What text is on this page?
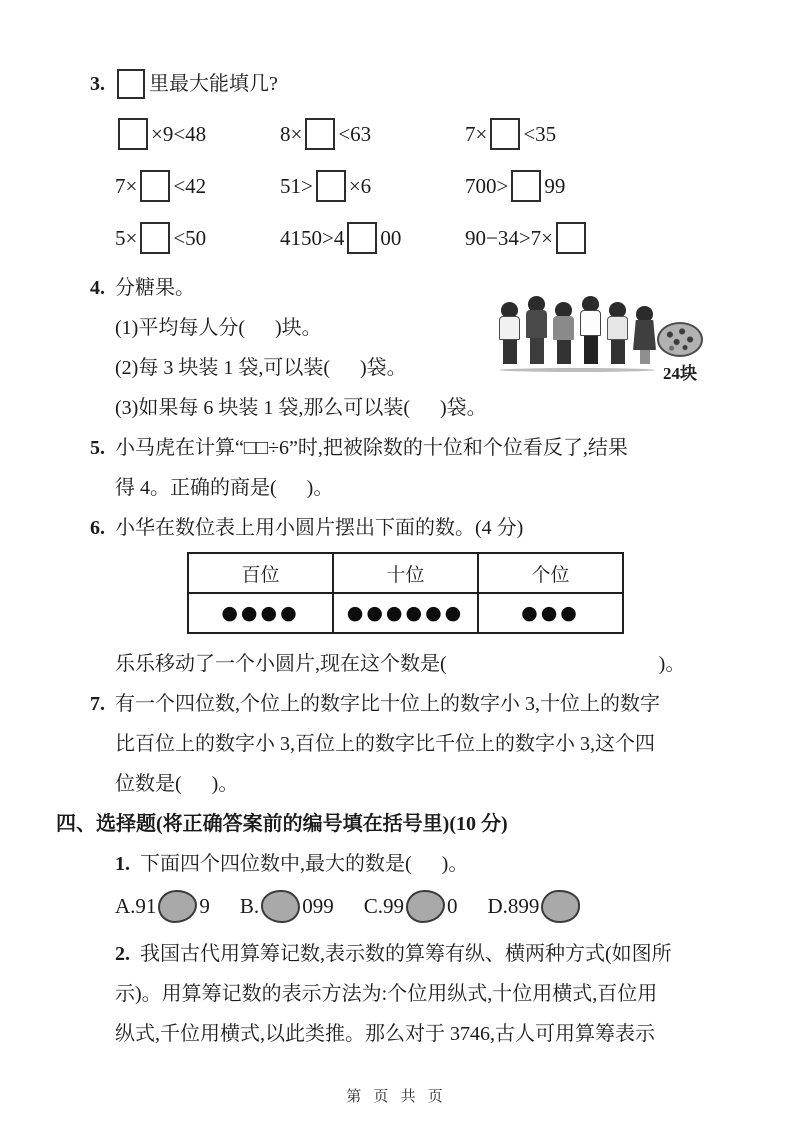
3.	里最大能填几?
×9<48	8× <63	7× <35
7× <42	51> ×6	700> 99
5× <50	4150>4 00	90−34>7×
4. 分糖果。
(1)平均每人分(      )块。
(2)每 3 块装 1 袋,可以装(      )袋。
(3)如果每 6 块装 1 袋,那么可以装(      )袋。
5. 小马虎在计算“□□÷6”时,把被除数的十位和个位看反了,结果
得 4。正确的商是(      )。
6. 小华在数位表上用小圆片摆出下面的数。(4 分)
百位	十位	个位
●●●●	●●●●●●	●●●
乐乐移动了一个小圆片,现在这个数是(	)。
7. 有一个四位数,个位上的数字比十位上的数字小 3,十位上的数字
比百位上的数字小 3,百位上的数字比千位上的数字小 3,这个四
位数是(      )。
四、选择题(将正确答案前的编号填在括号里)(10 分)
1. 下面四个四位数中,最大的数是(      )。
A. 91 9 B. 099 C. 99 0 D. 899
2. 我国古代用算筹记数,表示数的算筹有纵、横两种方式(如图所
示)。用算筹记数的表示方法为:个位用纵式,十位用横式,百位用
纵式,千位用横式,以此类推。那么对于 3746,古人可用算筹表示
24块
第 页 共 页
